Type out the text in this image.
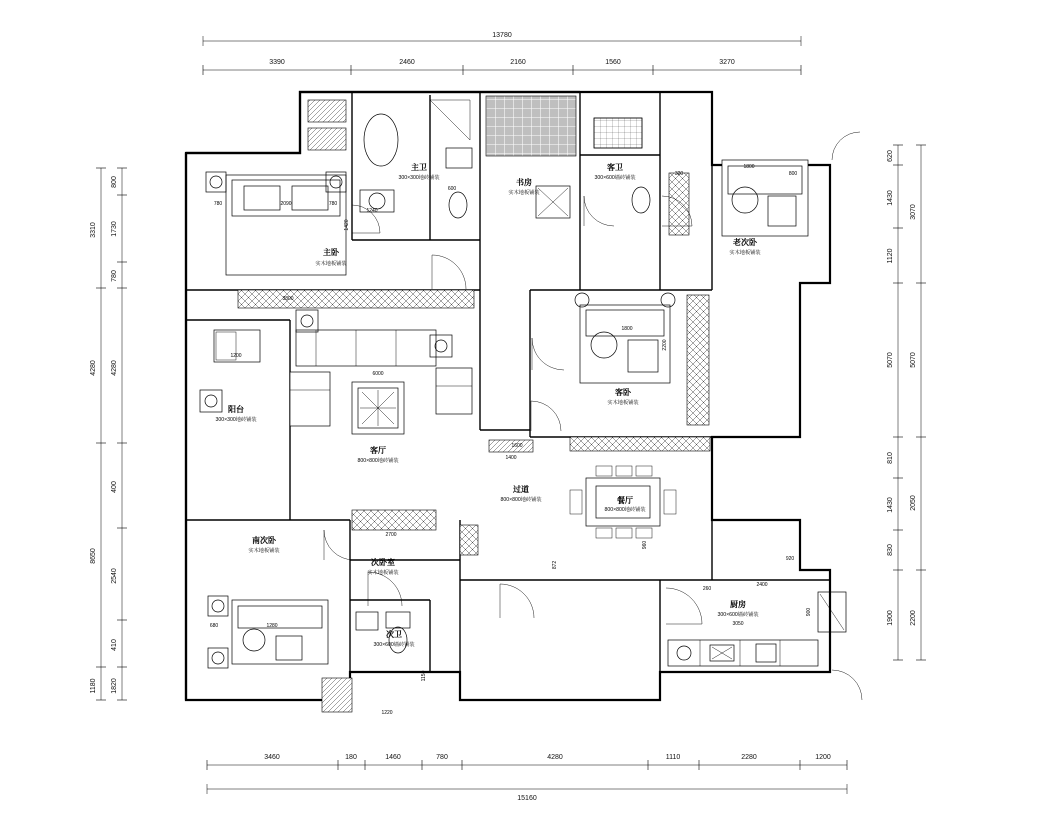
13780
3390	2460	2160	1560	3270
3460	180	1460	780	4280	1110	2280	1200
15160
3310
4280
8650
1180
800
1730
780
4280
400
2540
410
1820
620
1430
1120
5070
810
1430
830
1900
3070
5070
2050
2200
主卧
实木地板铺装
主卫
300×300地砖铺装	书房
实木地板铺装
客卫
300×600墙砖铺装
老次卧
实木地板铺装
客卧
实木地板铺装
阳台
300×300地砖铺装
客厅
800×800地砖铺装
过道
800×800地砖铺装	餐厅
800×800地砖铺装
南次卧
实木地板铺装
次卧室
实木地板铺装
次卫
300×600墙砖铺装
厨房
300×600墙砖铺装
780	2090	780
1240
1420
600
1200
6000
3800
1400
1280
2700
680
1220
1150
2400
3050
900
1600
1800
800
1800
2200
320
960
920
872
260
